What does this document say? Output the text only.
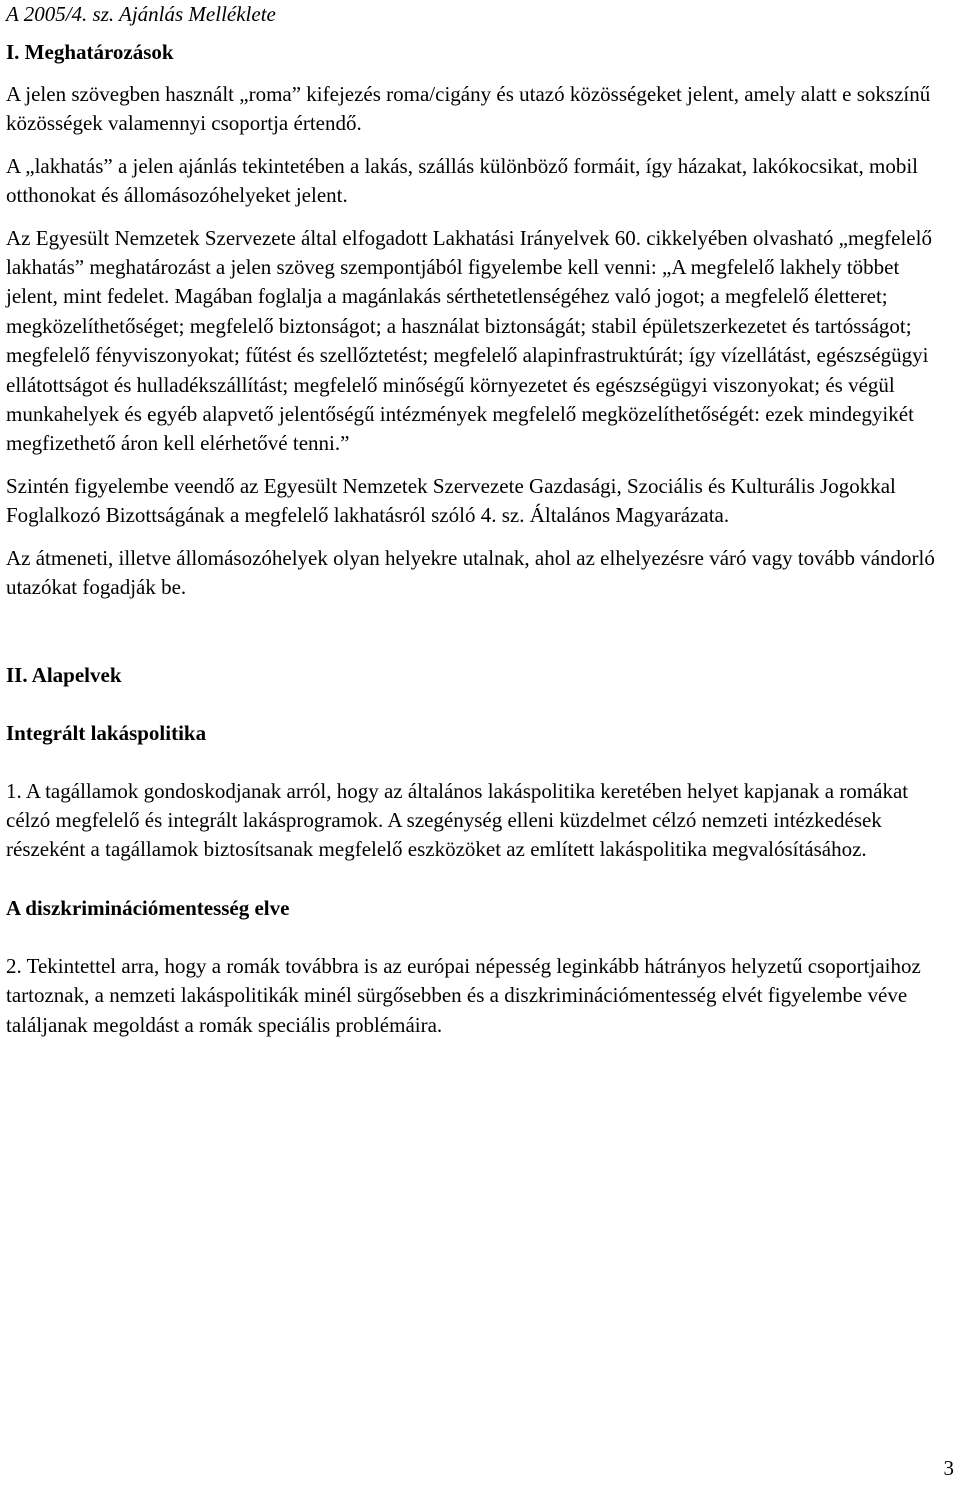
A 2005/4. sz. Ajánlás Melléklete
I. Meghatározások
A jelen szövegben használt „roma” kifejezés roma/cigány és utazó közösségeket jelent, amely alatt e sokszínű közösségek valamennyi csoportja értendő.
A „lakhatás” a jelen ajánlás tekintetében a lakás, szállás különböző formáit, így házakat, lakókocsikat, mobil otthonokat és állomásozóhelyeket jelent.
Az Egyesült Nemzetek Szervezete által elfogadott Lakhatási Irányelvek 60. cikkelyében olvasható „megfelelő lakhatás” meghatározást a jelen szöveg szempontjából figyelembe kell venni: „A megfelelő lakhely többet jelent, mint fedelet. Magában foglalja a magánlakás sérthetetlenségéhez való jogot; a megfelelő életteret; megközelíthetőséget; megfelelő biztonságot; a használat biztonságát; stabil épületszerkezetet és tartósságot; megfelelő fényviszonyokat; fűtést és szellőztetést; megfelelő alapinfrastruktúrát; így vízellátást, egészségügyi ellátottságot és hulladékszállítást; megfelelő minőségű környezetet és egészségügyi viszonyokat; és végül munkahelyek és egyéb alapvető jelentőségű intézmények megfelelő megközelíthetőségét: ezek mindegyikét megfizethető áron kell elérhetővé tenni.”
Szintén figyelembe veendő az Egyesült Nemzetek Szervezete Gazdasági, Szociális és Kulturális Jogokkal Foglalkozó Bizottságának a megfelelő lakhatásról szóló 4. sz. Általános Magyarázata.
Az átmeneti, illetve állomásozóhelyek olyan helyekre utalnak, ahol az elhelyezésre váró vagy tovább vándorló utazókat fogadják be.
II. Alapelvek
Integrált lakáspolitika
1. A tagállamok gondoskodjanak arról, hogy az általános lakáspolitika keretében helyet kapjanak a romákat célzó megfelelő és integrált lakásprogramok. A szegénység elleni küzdelmet célzó nemzeti intézkedések részeként a tagállamok biztosítsanak megfelelő eszközöket az említett lakáspolitika megvalósításához.
A diszkriminációmentesség elve
2. Tekintettel arra, hogy a romák továbbra is az európai népesség leginkább hátrányos helyzetű csoportjaihoz tartoznak, a nemzeti lakáspolitikák minél sürgősebben és a diszkriminációmentesség elvét figyelembe véve találjanak megoldást a romák speciális problémáira.
3
